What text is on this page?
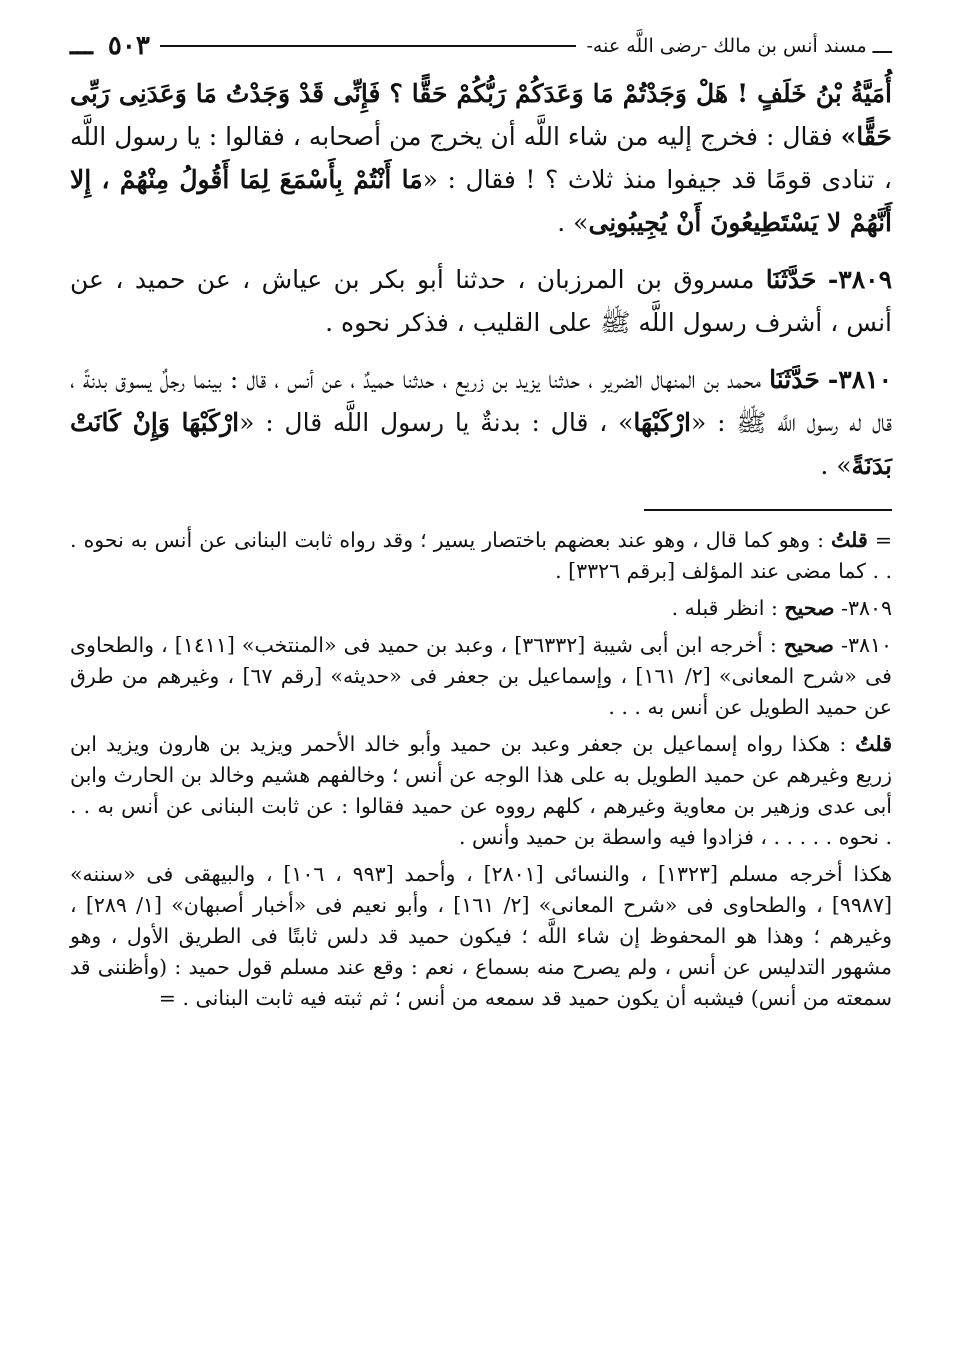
ـــ
مسند أنس بن مالك -رضى اللَّه عنه-
٥٠٣ ـــ

أُمَيَّةُ بْنُ خَلَفٍ ! هَلْ وَجَدْتُمْ مَا وَعَدَكُمْ رَبُّكُمْ حَقًّا ؟ فَإِنِّى قَدْ وَجَدْتُ مَا وَعَدَنِى رَبِّى حَقًّا» فقال : فخرج إليه من شاء اللَّه أن يخرج من أصحابه ، فقالوا : يا رسول اللَّه ، تنادى قومًا قد جيفوا منذ ثلاث ؟ ! فقال : «مَا أَنْتُمْ بِأَسْمَعَ لِمَا أَقُولُ مِنْهُمْ ، إِلا أَنَّهُمْ لا يَسْتَطِيعُونَ أَنْ يُجِيبُونِى» .

٣٨٠٩- حَدَّثَنَا مسروق بن المرزبان ، حدثنا أبو بكر بن عياش ، عن حميد ، عن أنس ، أشرف رسول اللَّه ﷺ على القليب ، فذكر نحوه .

٣٨١٠- حَدَّثَنَا محمد بن المنهال الضرير ، حدثنا يزيد بن زريع ، حدثنا حميدٌ ، عن أنس ، قال : بينما رجلٌ يسوق بدنةً ، قال له رسول اللَّه ﷺ : «ارْكَبْهَا» ، قال : بدنةٌ يا رسول اللَّه قال : «ارْكَبْهَا وَإِنْ كَانَتْ بَدَنَةً» .

= قلتُ : وهو كما قال ، وهو عند بعضهم باختصار يسير ؛ وقد رواه ثابت البنانى عن أنس به نحوه . . . كما مضى عند المؤلف [برقم ٣٣٢٦] .

٣٨٠٩- صحيح : انظر قبله .

٣٨١٠- صحيح : أخرجه ابن أبى شيبة [٣٦٣٣٢] ، وعبد بن حميد فى «المنتخب» [١٤١١] ، والطحاوى فى «شرح المعانى» [٢/ ١٦١] ، وإسماعيل بن جعفر فى «حديثه» [رقم ٦٧] ، وغيرهم من طرق عن حميد الطويل عن أنس به . . .

قلتُ : هكذا رواه إسماعيل بن جعفر وعبد بن حميد وأبو خالد الأحمر ويزيد بن هارون ويزيد ابن زريع وغيرهم عن حميد الطويل به على هذا الوجه عن أنس ؛ وخالفهم هشيم وخالد بن الحارث وابن أبى عدى وزهير بن معاوية وغيرهم ، كلهم رووه عن حميد فقالوا : عن ثابت البنانى عن أنس به . . . نحوه . . . . . ، فزادوا فيه واسطة بن حميد وأنس .

هكذا أخرجه مسلم [١٣٢٣] ، والنسائى [٢٨٠١] ، وأحمد [٩٩٣ ، ١٠٦] ، والبيهقى فى «سننه» [٩٩٨٧] ، والطحاوى فى «شرح المعانى» [٢/ ١٦١] ، وأبو نعيم فى «أخبار أصبهان» [١/ ٢٨٩] ، وغيرهم ؛ وهذا هو المحفوظ إن شاء اللَّه ؛ فيكون حميد قد دلس ثابتًا فى الطريق الأول ، وهو مشهور التدليس عن أنس ، ولم يصرح منه بسماع ، نعم : وقع عند مسلم قول حميد : (وأظننى قد سمعته من أنس) فيشبه أن يكون حميد قد سمعه من أنس ؛ ثم ثبته فيه ثابت البنانى . =
